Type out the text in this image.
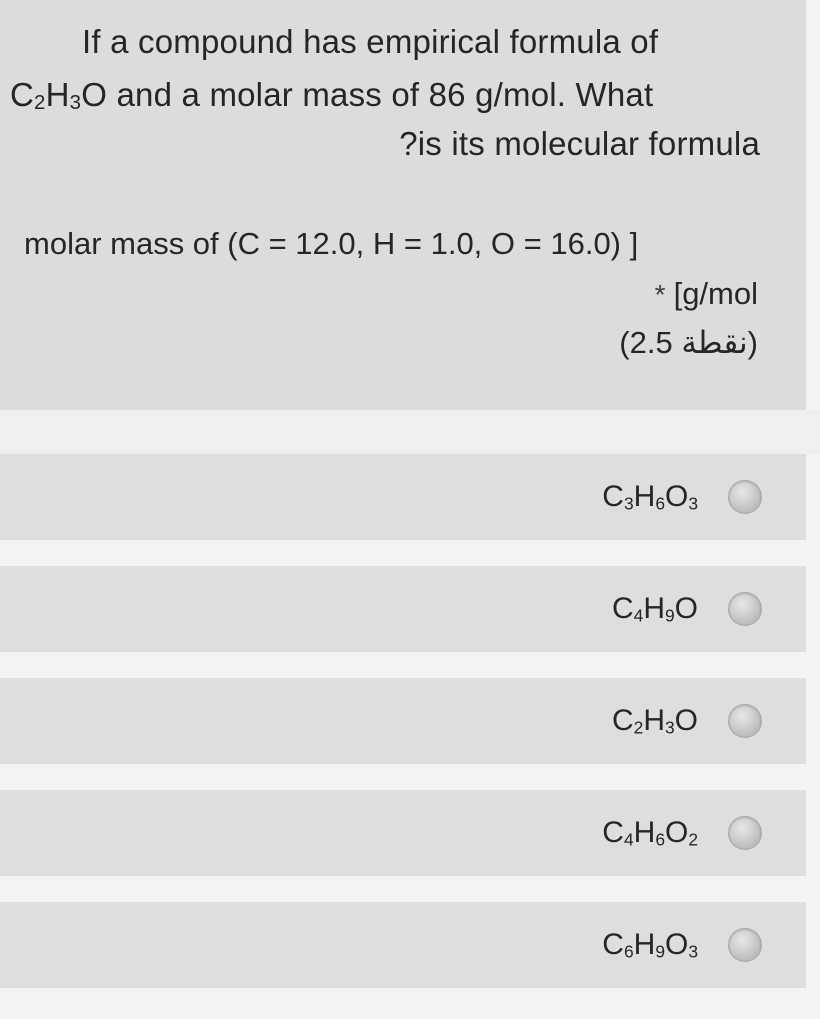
If a compound has empirical formula of
$C_2H_3O$ and a molar mass of 86 g/mol. What
?is its molecular formula
molar mass of (C = 12.0, H = 1.0, O = 16.0) ]
* [g/mol
(نقطة 2.5)
$C_3H_6O_3$
$C_4H_9O$
$C_2H_3O$
$C_4H_6O_2$
$C_6H_9O_3$
